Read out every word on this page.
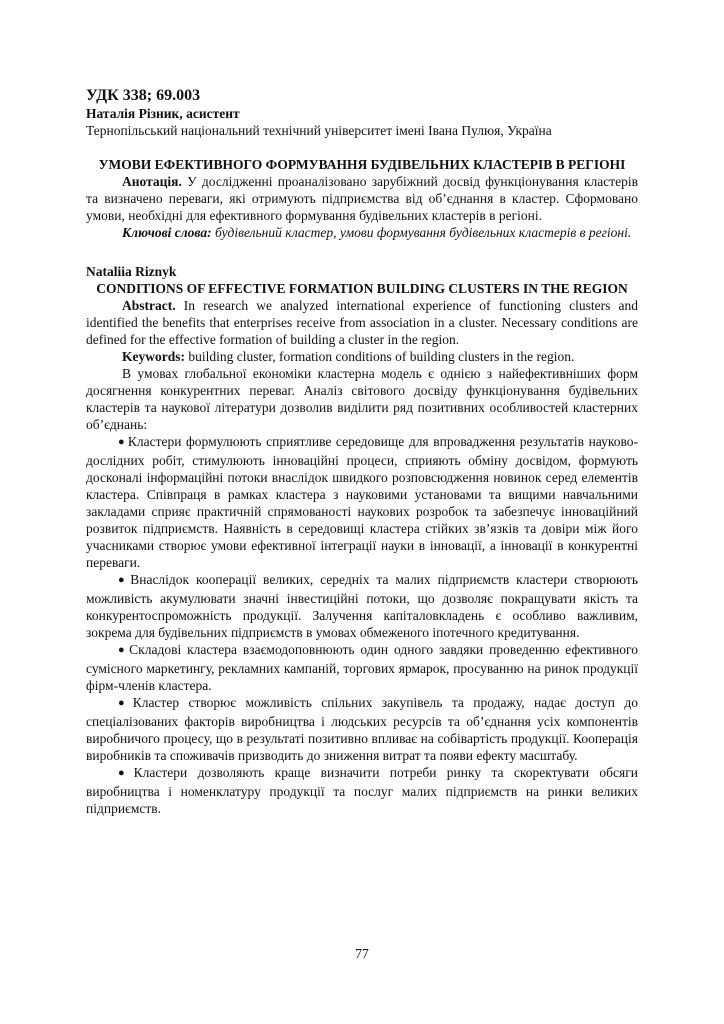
УДК 338; 69.003

Наталія Різник, асистент

Тернопільський національний технічний університет імені Івана Пулюя, Україна

УМОВИ ЕФЕКТИВНОГО ФОРМУВАННЯ БУДІВЕЛЬНИХ КЛАСТЕРІВ В РЕГІОНІ

Анотація. У дослідженні проаналізовано зарубіжний досвід функціонування кластерів та визначено переваги, які отримують підприємства від об’єднання в кластер. Сформовано умови, необхідні для ефективного формування будівельних кластерів в регіоні.

Ключові слова: будівельний кластер, умови формування будівельних кластерів в регіоні.

Nataliia Riznyk

CONDITIONS OF EFFECTIVE FORMATION BUILDING CLUSTERS IN THE REGION

Abstract. In research we analyzed international experience of functioning clusters and identified the benefits that enterprises receive from association in a cluster. Necessary conditions are defined for the effective formation of building a cluster in the region.

Keywords: building cluster, formation conditions of building clusters in the region.

В умовах глобальної економіки кластерна модель є однією з найефективніших форм досягнення конкурентних переваг. Аналіз світового досвіду функціонування будівельних кластерів та наукової літератури дозволив виділити ряд позитивних особливостей кластерних об’єднань:

● Кластери формулюють сприятливе середовище для впровадження результатів науково-дослідних робіт, стимулюють інноваційні процеси, сприяють обміну досвідом, формують досконалі інформаційні потоки внаслідок швидкого розповсюдження новинок серед елементів кластера. Співпраця в рамках кластера з науковими установами та вищими навчальними закладами сприяє практичній спрямованості наукових розробок та забезпечує інноваційний розвиток підприємств. Наявність в середовищі кластера стійких зв’язків та довіри між його учасниками створює умови ефективної інтеграції науки в інновації, а інновації в конкурентні переваги.

● Внаслідок кооперації великих, середніх та малих підприємств кластери створюють можливість акумулювати значні інвестиційні потоки, що дозволяє покращувати якість та конкурентоспроможність продукції. Залучення капіталовкладень є особливо важливим, зокрема для будівельних підприємств в умовах обмеженого іпотечного кредитування.

● Складові кластера взаємодоповнюють один одного завдяки проведенню ефективного сумісного маркетингу, рекламних кампаній, торгових ярмарок, просуванню на ринок продукції фірм-членів кластера.

● Кластер створює можливість спільних закупівель та продажу, надає доступ до спеціалізованих факторів виробництва і людських ресурсів та об’єднання усіх компонентів виробничого процесу, що в результаті позитивно впливає на собівартість продукції. Кооперація виробників та споживачів призводить до зниження витрат та появи ефекту масштабу.

● Кластери дозволяють краще визначити потреби ринку та скоректувати обсяги виробництва і номенклатуру продукції та послуг малих підприємств на ринки великих підприємств.

77
